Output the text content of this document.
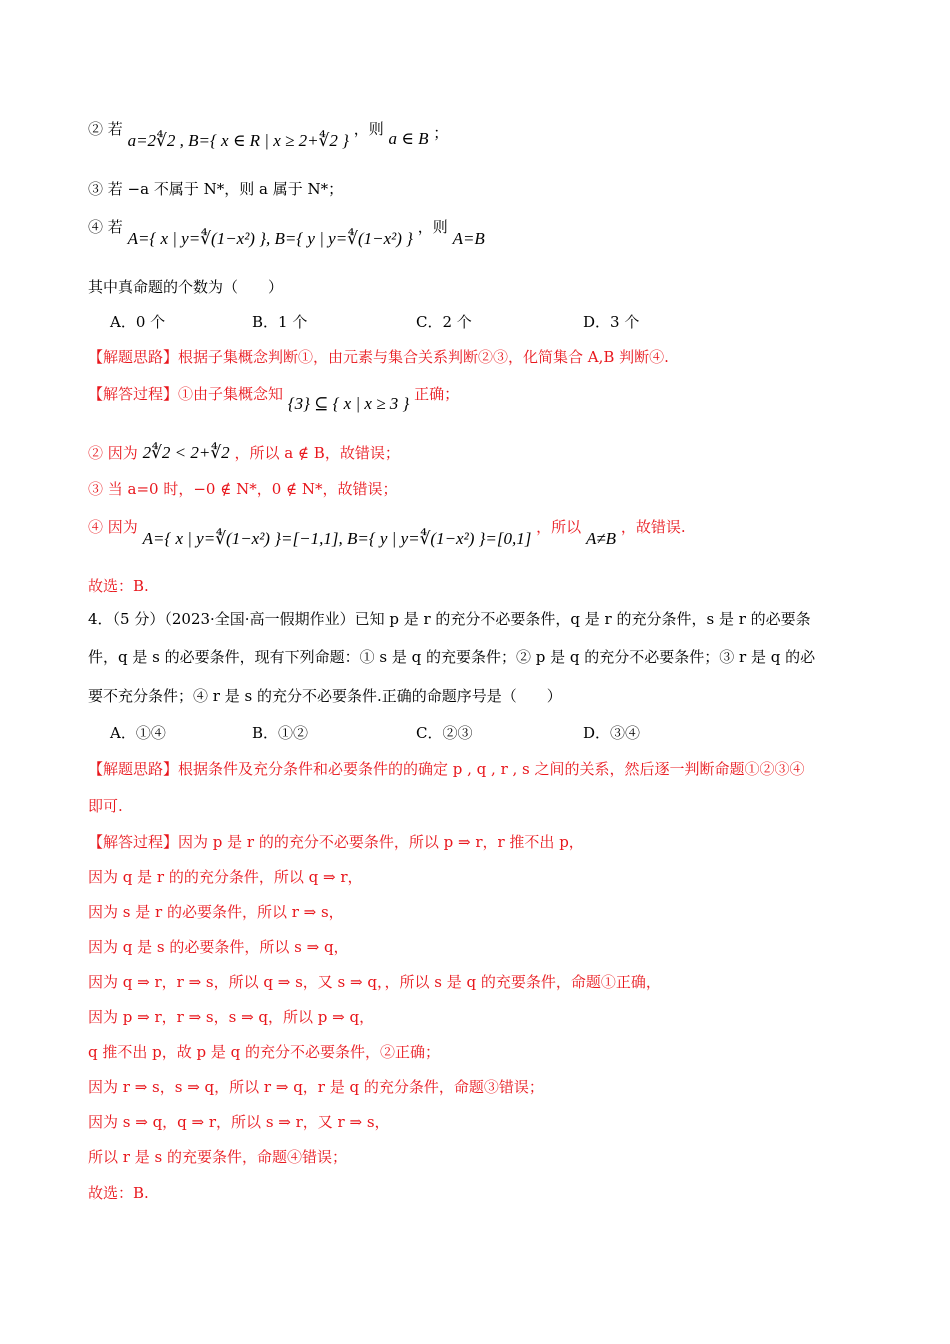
② 若 a=2∜2 , B={ x ∈ R | x ≥ 2+∜2 } ，则 a ∈ B ；
③ 若 −a 不属于 N*，则 a 属于 N*；
④ 若 A={ x | y=∜(1−x²) }, B={ y | y=∜(1−x²) } ，则 A=B
其中真命题的个数为（　　）
A．0 个	B．1 个	C．2 个	D．3 个
【解题思路】根据子集概念判断①，由元素与集合关系判断②③，化简集合 A,B 判断④.
【解答过程】①由子集概念知 {3} ⊆ { x | x ≥ 3 } 正确；
② 因为 2∜2 < 2+∜2 ，所以 a ∉ B，故错误；
③ 当 a=0 时，−0 ∉ N*，0 ∉ N*，故错误；
④ 因为 A={ x | y=∜(1−x²) }=[−1,1], B={ y | y=∜(1−x²) }=[0,1] ，所以 A≠B ，故错误.
故选：B.
4．（5 分）（2023·全国·高一假期作业）已知 p 是 r 的充分不必要条件，q 是 r 的充分条件，s 是 r 的必要条
件，q 是 s 的必要条件，现有下列命题：① s 是 q 的充要条件；② p 是 q 的充分不必要条件；③ r 是 q 的必
要不充分条件；④ r 是 s 的充分不必要条件.正确的命题序号是（　　）
A．①④	B．①②	C．②③	D．③④
【解题思路】根据条件及充分条件和必要条件的的确定 p , q , r , s 之间的关系，然后逐一判断命题①②③④
即可.
【解答过程】因为 p 是 r 的的充分不必要条件，所以 p ⇒ r，r 推不出 p，
因为 q 是 r 的的充分条件，所以 q ⇒ r，
因为 s 是 r 的必要条件，所以 r ⇒ s，
因为 q 是 s 的必要条件，所以 s ⇒ q，
因为 q ⇒ r，r ⇒ s，所以 q ⇒ s，又 s ⇒ q，，所以 s 是 q 的充要条件，命题①正确，
因为 p ⇒ r，r ⇒ s，s ⇒ q，所以 p ⇒ q，
q 推不出 p，故 p 是 q 的充分不必要条件，②正确；
因为 r ⇒ s，s ⇒ q，所以 r ⇒ q，r 是 q 的充分条件，命题③错误；
因为 s ⇒ q，q ⇒ r，所以 s ⇒ r，又 r ⇒ s，
所以 r 是 s 的充要条件，命题④错误；
故选：B.
